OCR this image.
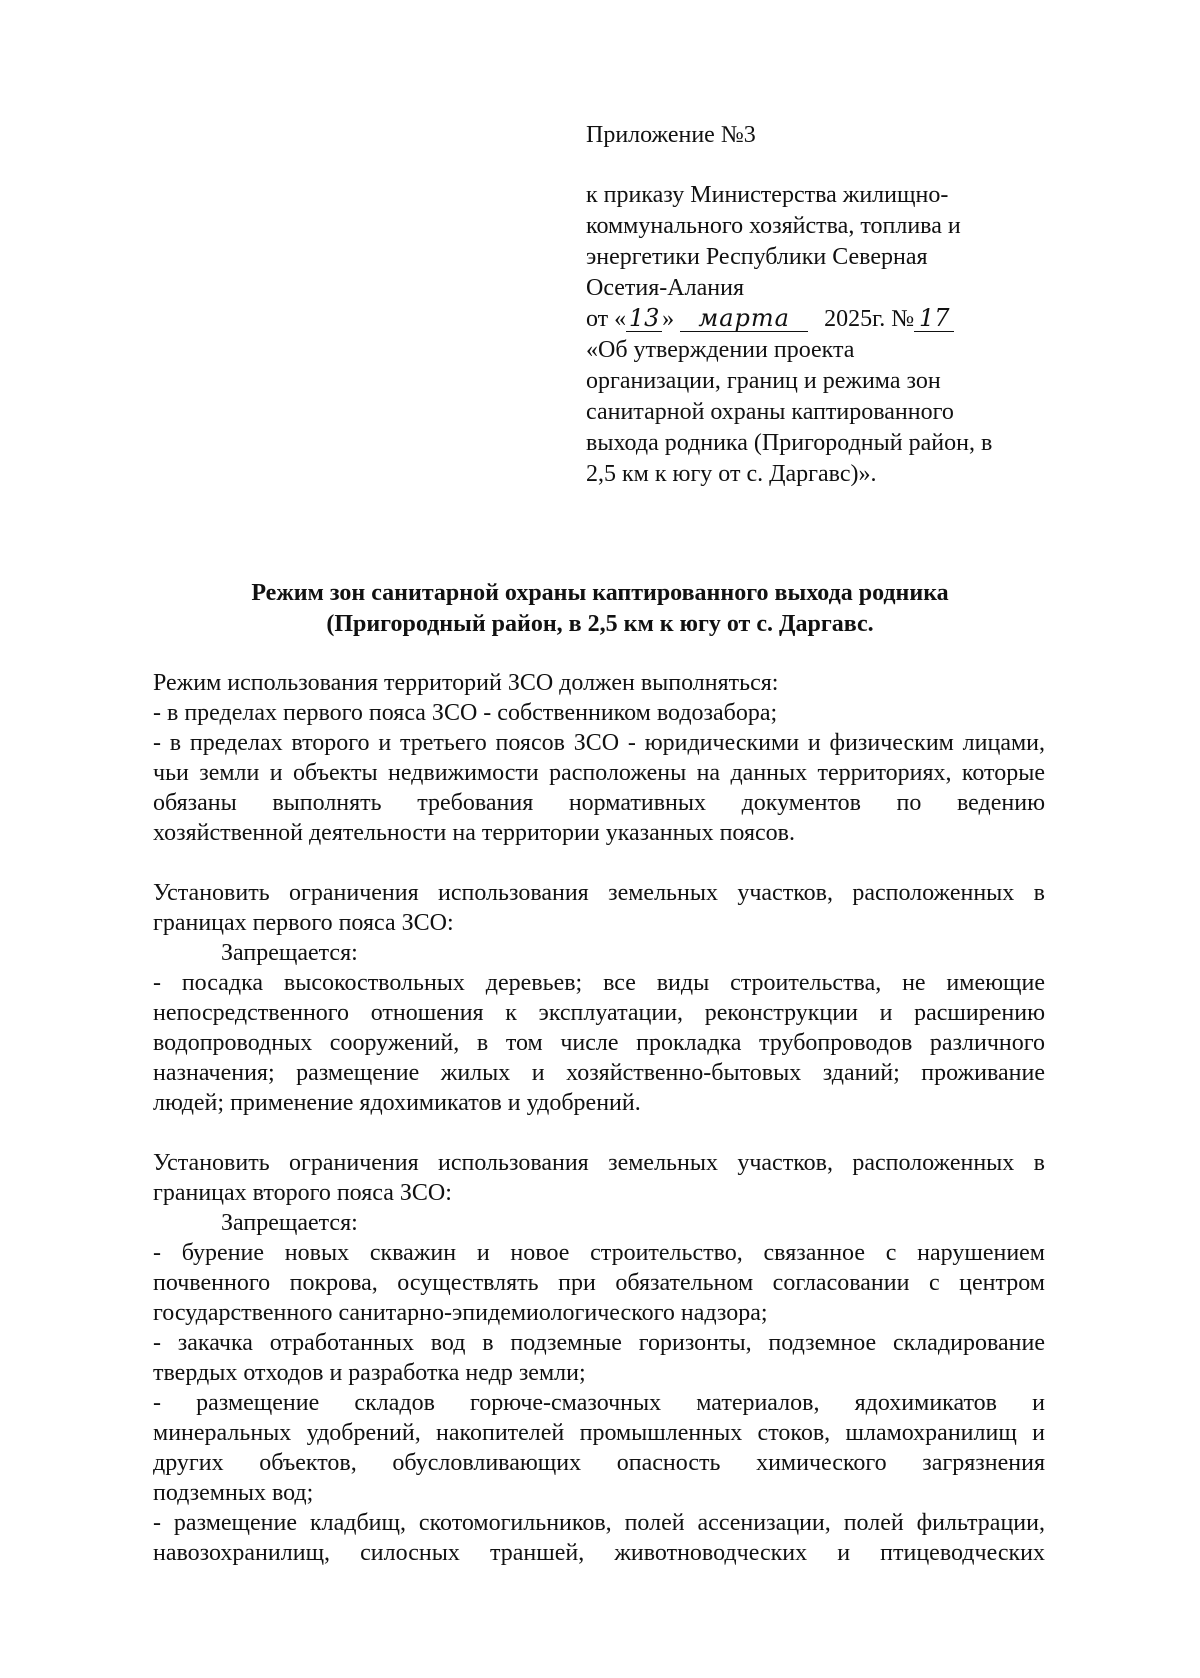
Приложение №3
к приказу Министерства жилищно-
коммунального хозяйства, топлива и
энергетики Республики Северная
Осетия-Алания
от « 13 » марта 2025г. № 17
«Об утверждении проекта
организации, границ и режима зон
санитарной охраны каптированного
выхода родника (Пригородный район, в
2,5 км к югу от с. Даргавс)».
Режим зон санитарной охраны каптированного выхода родника
(Пригородный район, в 2,5 км к югу от с. Даргавс.
Режим использования территорий ЗСО должен выполняться:
- в пределах первого пояса ЗСО - собственником водозабора;
- в пределах второго и третьего поясов ЗСО - юридическими и физическим лицами,
чьи земли и объекты недвижимости расположены на данных территориях, которые
обязаны выполнять требования нормативных документов по ведению
хозяйственной деятельности на территории указанных поясов.
Установить ограничения использования земельных участков, расположенных в
границах первого пояса ЗСО:
Запрещается:
- посадка высокоствольных деревьев; все виды строительства, не имеющие
непосредственного отношения к эксплуатации, реконструкции и расширению
водопроводных сооружений, в том числе прокладка трубопроводов различного
назначения; размещение жилых и хозяйственно-бытовых зданий; проживание
людей; применение ядохимикатов и удобрений.
Установить ограничения использования земельных участков, расположенных в
границах второго пояса ЗСО:
Запрещается:
- бурение новых скважин и новое строительство, связанное с нарушением
почвенного покрова, осуществлять при обязательном согласовании с центром
государственного санитарно-эпидемиологического надзора;
- закачка отработанных вод в подземные горизонты, подземное складирование
твердых отходов и разработка недр земли;
- размещение складов горюче-смазочных материалов, ядохимикатов и
минеральных удобрений, накопителей промышленных стоков, шламохранилищ и
других объектов, обусловливающих опасность химического загрязнения
подземных вод;
- размещение кладбищ, скотомогильников, полей ассенизации, полей фильтрации,
навозохранилищ, силосных траншей, животноводческих и птицеводческих
